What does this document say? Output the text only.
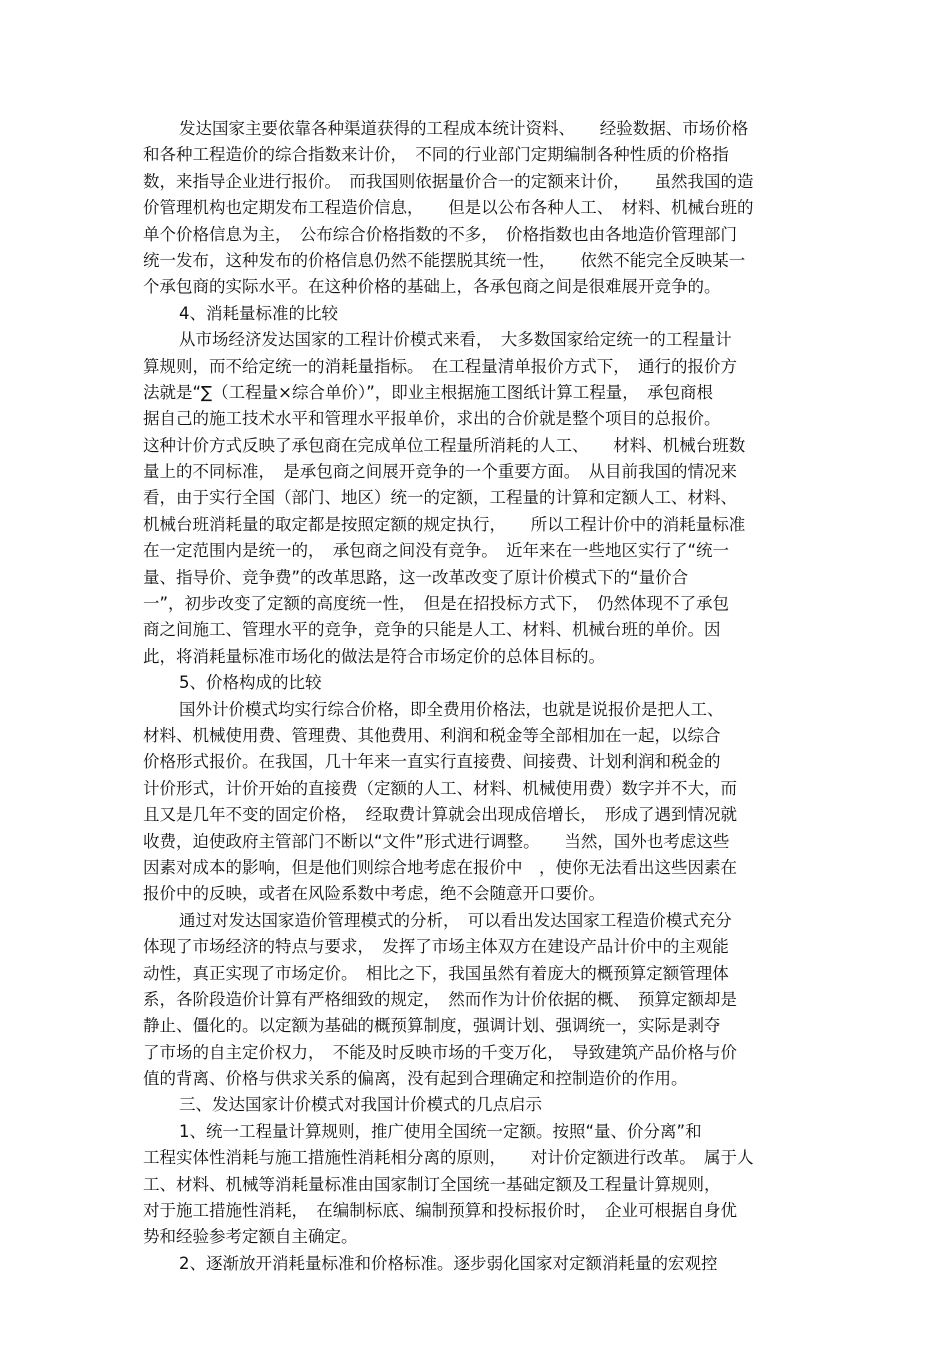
发达国家主要依靠各种渠道获得的工程成本统计资料、　　经验数据、市场价格
和各种工程造价的综合指数来计价，　不同的行业部门定期编制各种性质的价格指
数，来指导企业进行报价。　而我国则依据量价合一的定额来计价，　　虽然我国的造
价管理机构也定期发布工程造价信息，　　但是以公布各种人工、　材料、机械台班的
单个价格信息为主，　公布综合价格指数的不多，　价格指数也由各地造价管理部门
统一发布，这种发布的价格信息仍然不能摆脱其统一性，　　依然不能完全反映某一
个承包商的实际水平。在这种价格的基础上，各承包商之间是很难展开竞争的。
4、消耗量标准的比较
从市场经济发达国家的工程计价模式来看，　大多数国家给定统一的工程量计
算规则，而不给定统一的消耗量指标。　在工程量清单报价方式下，　通行的报价方
法就是“∑（工程量×综合单价）”，即业主根据施工图纸计算工程量，　承包商根
据自己的施工技术水平和管理水平报单价，求出的合价就是整个项目的总报价。
这种计价方式反映了承包商在完成单位工程量所消耗的人工、　　材料、机械台班数
量上的不同标准，　是承包商之间展开竞争的一个重要方面。　从目前我国的情况来
看，由于实行全国（部门、地区）统一的定额，工程量的计算和定额人工、材料、
机械台班消耗量的取定都是按照定额的规定执行，　　所以工程计价中的消耗量标准
在一定范围内是统一的，　承包商之间没有竞争。　近年来在一些地区实行了“统一
量、指导价、竞争费”的改革思路，这一改革改变了原计价模式下的“量价合
一”，初步改变了定额的高度统一性，　但是在招投标方式下，　仍然体现不了承包
商之间施工、管理水平的竞争，竞争的只能是人工、材料、机械台班的单价。因
此，将消耗量标准市场化的做法是符合市场定价的总体目标的。
5、价格构成的比较
国外计价模式均实行综合价格，即全费用价格法，也就是说报价是把人工、
材料、机械使用费、管理费、其他费用、利润和税金等全部相加在一起，以综合
价格形式报价。在我国，几十年来一直实行直接费、间接费、计划利润和税金的
计价形式，计价开始的直接费（定额的人工、材料、机械使用费）数字并不大，而
且又是几年不变的固定价格，　经取费计算就会出现成倍增长，　形成了遇到情况就
收费，迫使政府主管部门不断以“文件”形式进行调整。　　当然，国外也考虑这些
因素对成本的影响，但是他们则综合地考虑在报价中　，使你无法看出这些因素在
报价中的反映，或者在风险系数中考虑，绝不会随意开口要价。
通过对发达国家造价管理模式的分析，　可以看出发达国家工程造价模式充分
体现了市场经济的特点与要求，　发挥了市场主体双方在建设产品计价中的主观能
动性，真正实现了市场定价。　相比之下，我国虽然有着庞大的概预算定额管理体
系，各阶段造价计算有严格细致的规定，　然而作为计价依据的概、　预算定额却是
静止、僵化的。以定额为基础的概预算制度，强调计划、强调统一，实际是剥夺
了市场的自主定价权力，　不能及时反映市场的千变万化，　导致建筑产品价格与价
值的背离、价格与供求关系的偏离，没有起到合理确定和控制造价的作用。
三、发达国家计价模式对我国计价模式的几点启示
1、统一工程量计算规则，推广使用全国统一定额。按照“量、价分离”和
工程实体性消耗与施工措施性消耗相分离的原则，　　对计价定额进行改革。　属于人
工、材料、机械等消耗量标准由国家制订全国统一基础定额及工程量计算规则，
对于施工措施性消耗，　在编制标底、编制预算和投标报价时，　企业可根据自身优
势和经验参考定额自主确定。
2、逐渐放开消耗量标准和价格标准。逐步弱化国家对定额消耗量的宏观控
